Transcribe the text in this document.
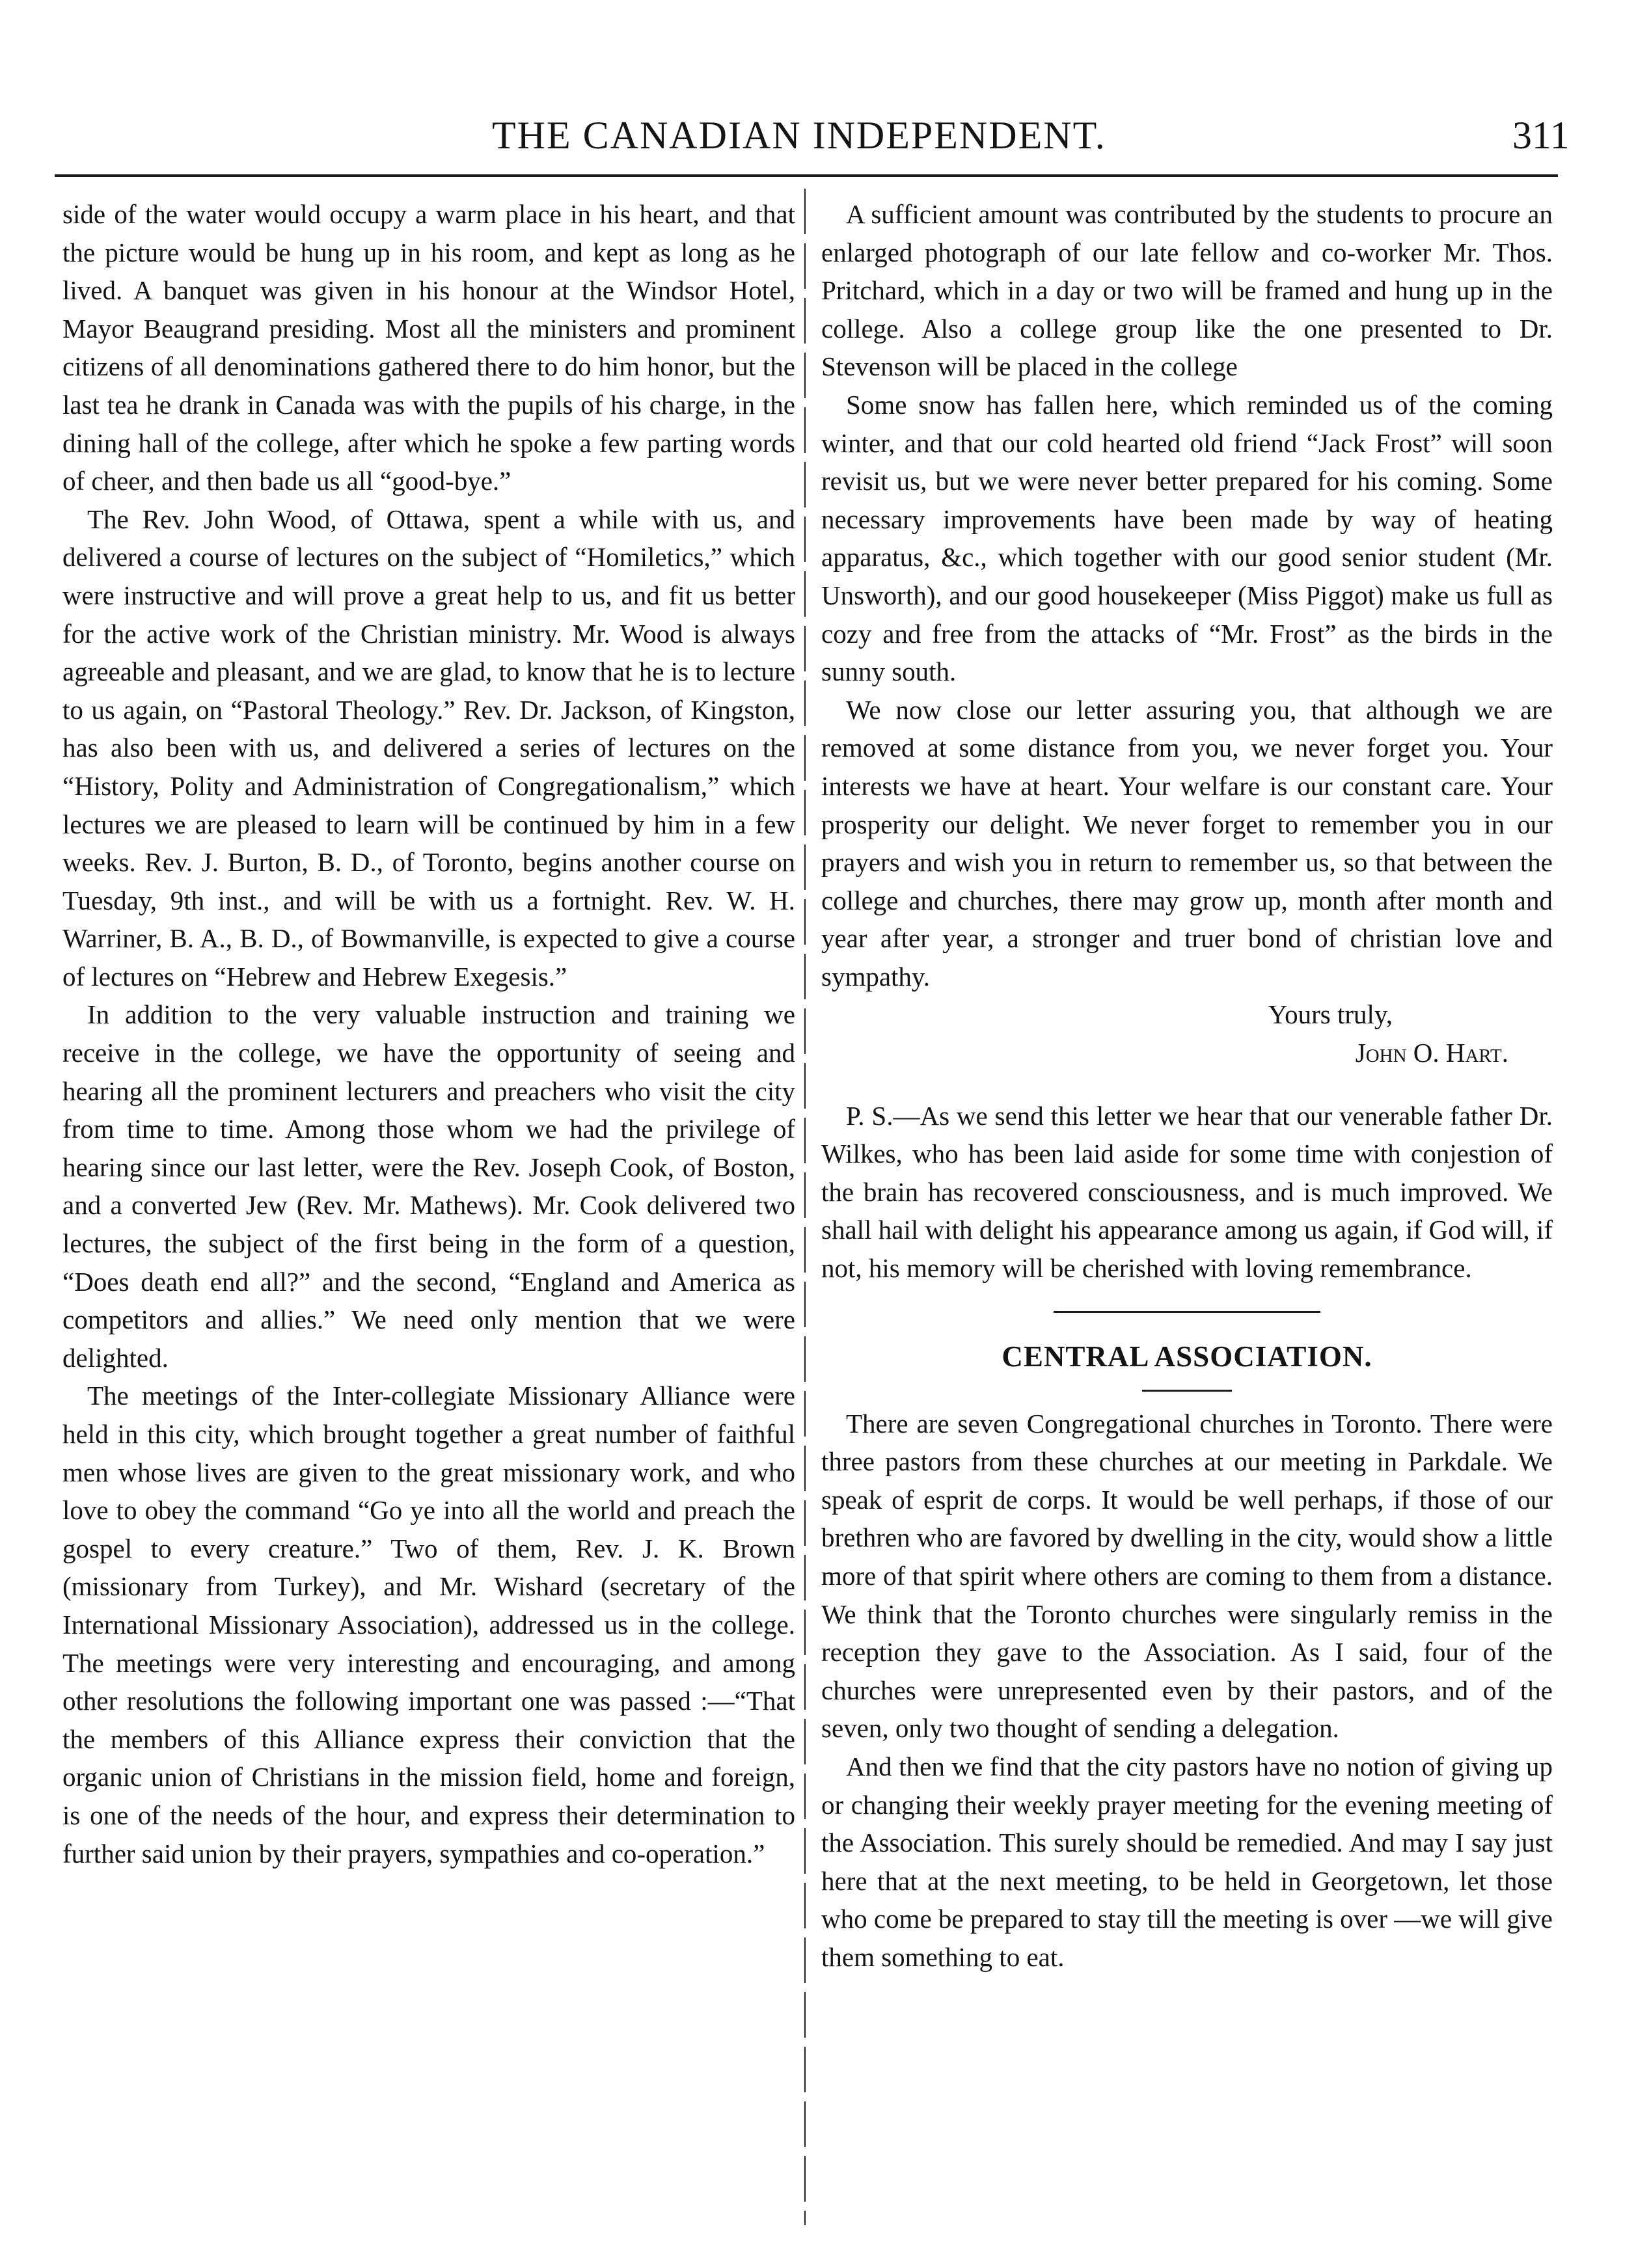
THE CANADIAN INDEPENDENT.	311

side of the water would occupy a warm place in his heart, and that the picture would be hung up in his room, and kept as long as he lived. A banquet was given in his honour at the Windsor Hotel, Mayor Beaugrand presiding. Most all the ministers and prominent citizens of all denominations gathered there to do him honor, but the last tea he drank in Canada was with the pupils of his charge, in the dining hall of the college, after which he spoke a few parting words of cheer, and then bade us all “good-bye.”

The Rev. John Wood, of Ottawa, spent a while with us, and delivered a course of lectures on the subject of “Homiletics,” which were instructive and will prove a great help to us, and fit us better for the active work of the Christian ministry. Mr. Wood is always agreeable and pleasant, and we are glad, to know that he is to lecture to us again, on “Pastoral Theology.” Rev. Dr. Jackson, of Kingston, has also been with us, and delivered a series of lectures on the “History, Polity and Administration of Congregationalism,” which lectures we are pleased to learn will be continued by him in a few weeks. Rev. J. Burton, B. D., of Toronto, begins another course on Tuesday, 9th inst., and will be with us a fortnight. Rev. W. H. Warriner, B. A., B. D., of Bowmanville, is expected to give a course of lectures on “Hebrew and Hebrew Exegesis.”

In addition to the very valuable instruction and training we receive in the college, we have the opportunity of seeing and hearing all the prominent lecturers and preachers who visit the city from time to time. Among those whom we had the privilege of hearing since our last letter, were the Rev. Joseph Cook, of Boston, and a converted Jew (Rev. Mr. Mathews). Mr. Cook delivered two lectures, the subject of the first being in the form of a question, “Does death end all?” and the second, “England and America as competitors and allies.” We need only mention that we were delighted.

The meetings of the Inter-collegiate Missionary Alliance were held in this city, which brought together a great number of faithful men whose lives are given to the great missionary work, and who love to obey the command “Go ye into all the world and preach the gospel to every creature.” Two of them, Rev. J. K. Brown (missionary from Turkey), and Mr. Wishard (secretary of the International Missionary Association), addressed us in the college. The meetings were very interesting and encouraging, and among other resolutions the following important one was passed :—“That the members of this Alliance express their conviction that the organic union of Christians in the mission field, home and foreign, is one of the needs of the hour, and express their determination to further said union by their prayers, sympathies and co-operation.”

A sufficient amount was contributed by the students to procure an enlarged photograph of our late fellow and co-worker Mr. Thos. Pritchard, which in a day or two will be framed and hung up in the college. Also a college group like the one presented to Dr. Stevenson will be placed in the college

Some snow has fallen here, which reminded us of the coming winter, and that our cold hearted old friend “Jack Frost” will soon revisit us, but we were never better prepared for his coming. Some necessary improvements have been made by way of heating apparatus, &c., which together with our good senior student (Mr. Unsworth), and our good housekeeper (Miss Piggot) make us full as cozy and free from the attacks of “Mr. Frost” as the birds in the sunny south.

We now close our letter assuring you, that although we are removed at some distance from you, we never forget you. Your interests we have at heart. Your welfare is our constant care. Your prosperity our delight. We never forget to remember you in our prayers and wish you in return to remember us, so that between the college and churches, there may grow up, month after month and year after year, a stronger and truer bond of christian love and sympathy.

Yours truly,

John O. Hart.

P. S.—As we send this letter we hear that our venerable father Dr. Wilkes, who has been laid aside for some time with conjestion of the brain has recovered consciousness, and is much improved. We shall hail with delight his appearance among us again, if God will, if not, his memory will be cherished with loving remembrance.

CENTRAL ASSOCIATION.

There are seven Congregational churches in Toronto. There were three pastors from these churches at our meeting in Parkdale. We speak of esprit de corps. It would be well perhaps, if those of our brethren who are favored by dwelling in the city, would show a little more of that spirit where others are coming to them from a distance. We think that the Toronto churches were singularly remiss in the reception they gave to the Association. As I said, four of the churches were unrepresented even by their pastors, and of the seven, only two thought of sending a delegation.

And then we find that the city pastors have no notion of giving up or changing their weekly prayer meeting for the evening meeting of the Association. This surely should be remedied. And may I say just here that at the next meeting, to be held in Georgetown, let those who come be prepared to stay till the meeting is over —we will give them something to eat.
